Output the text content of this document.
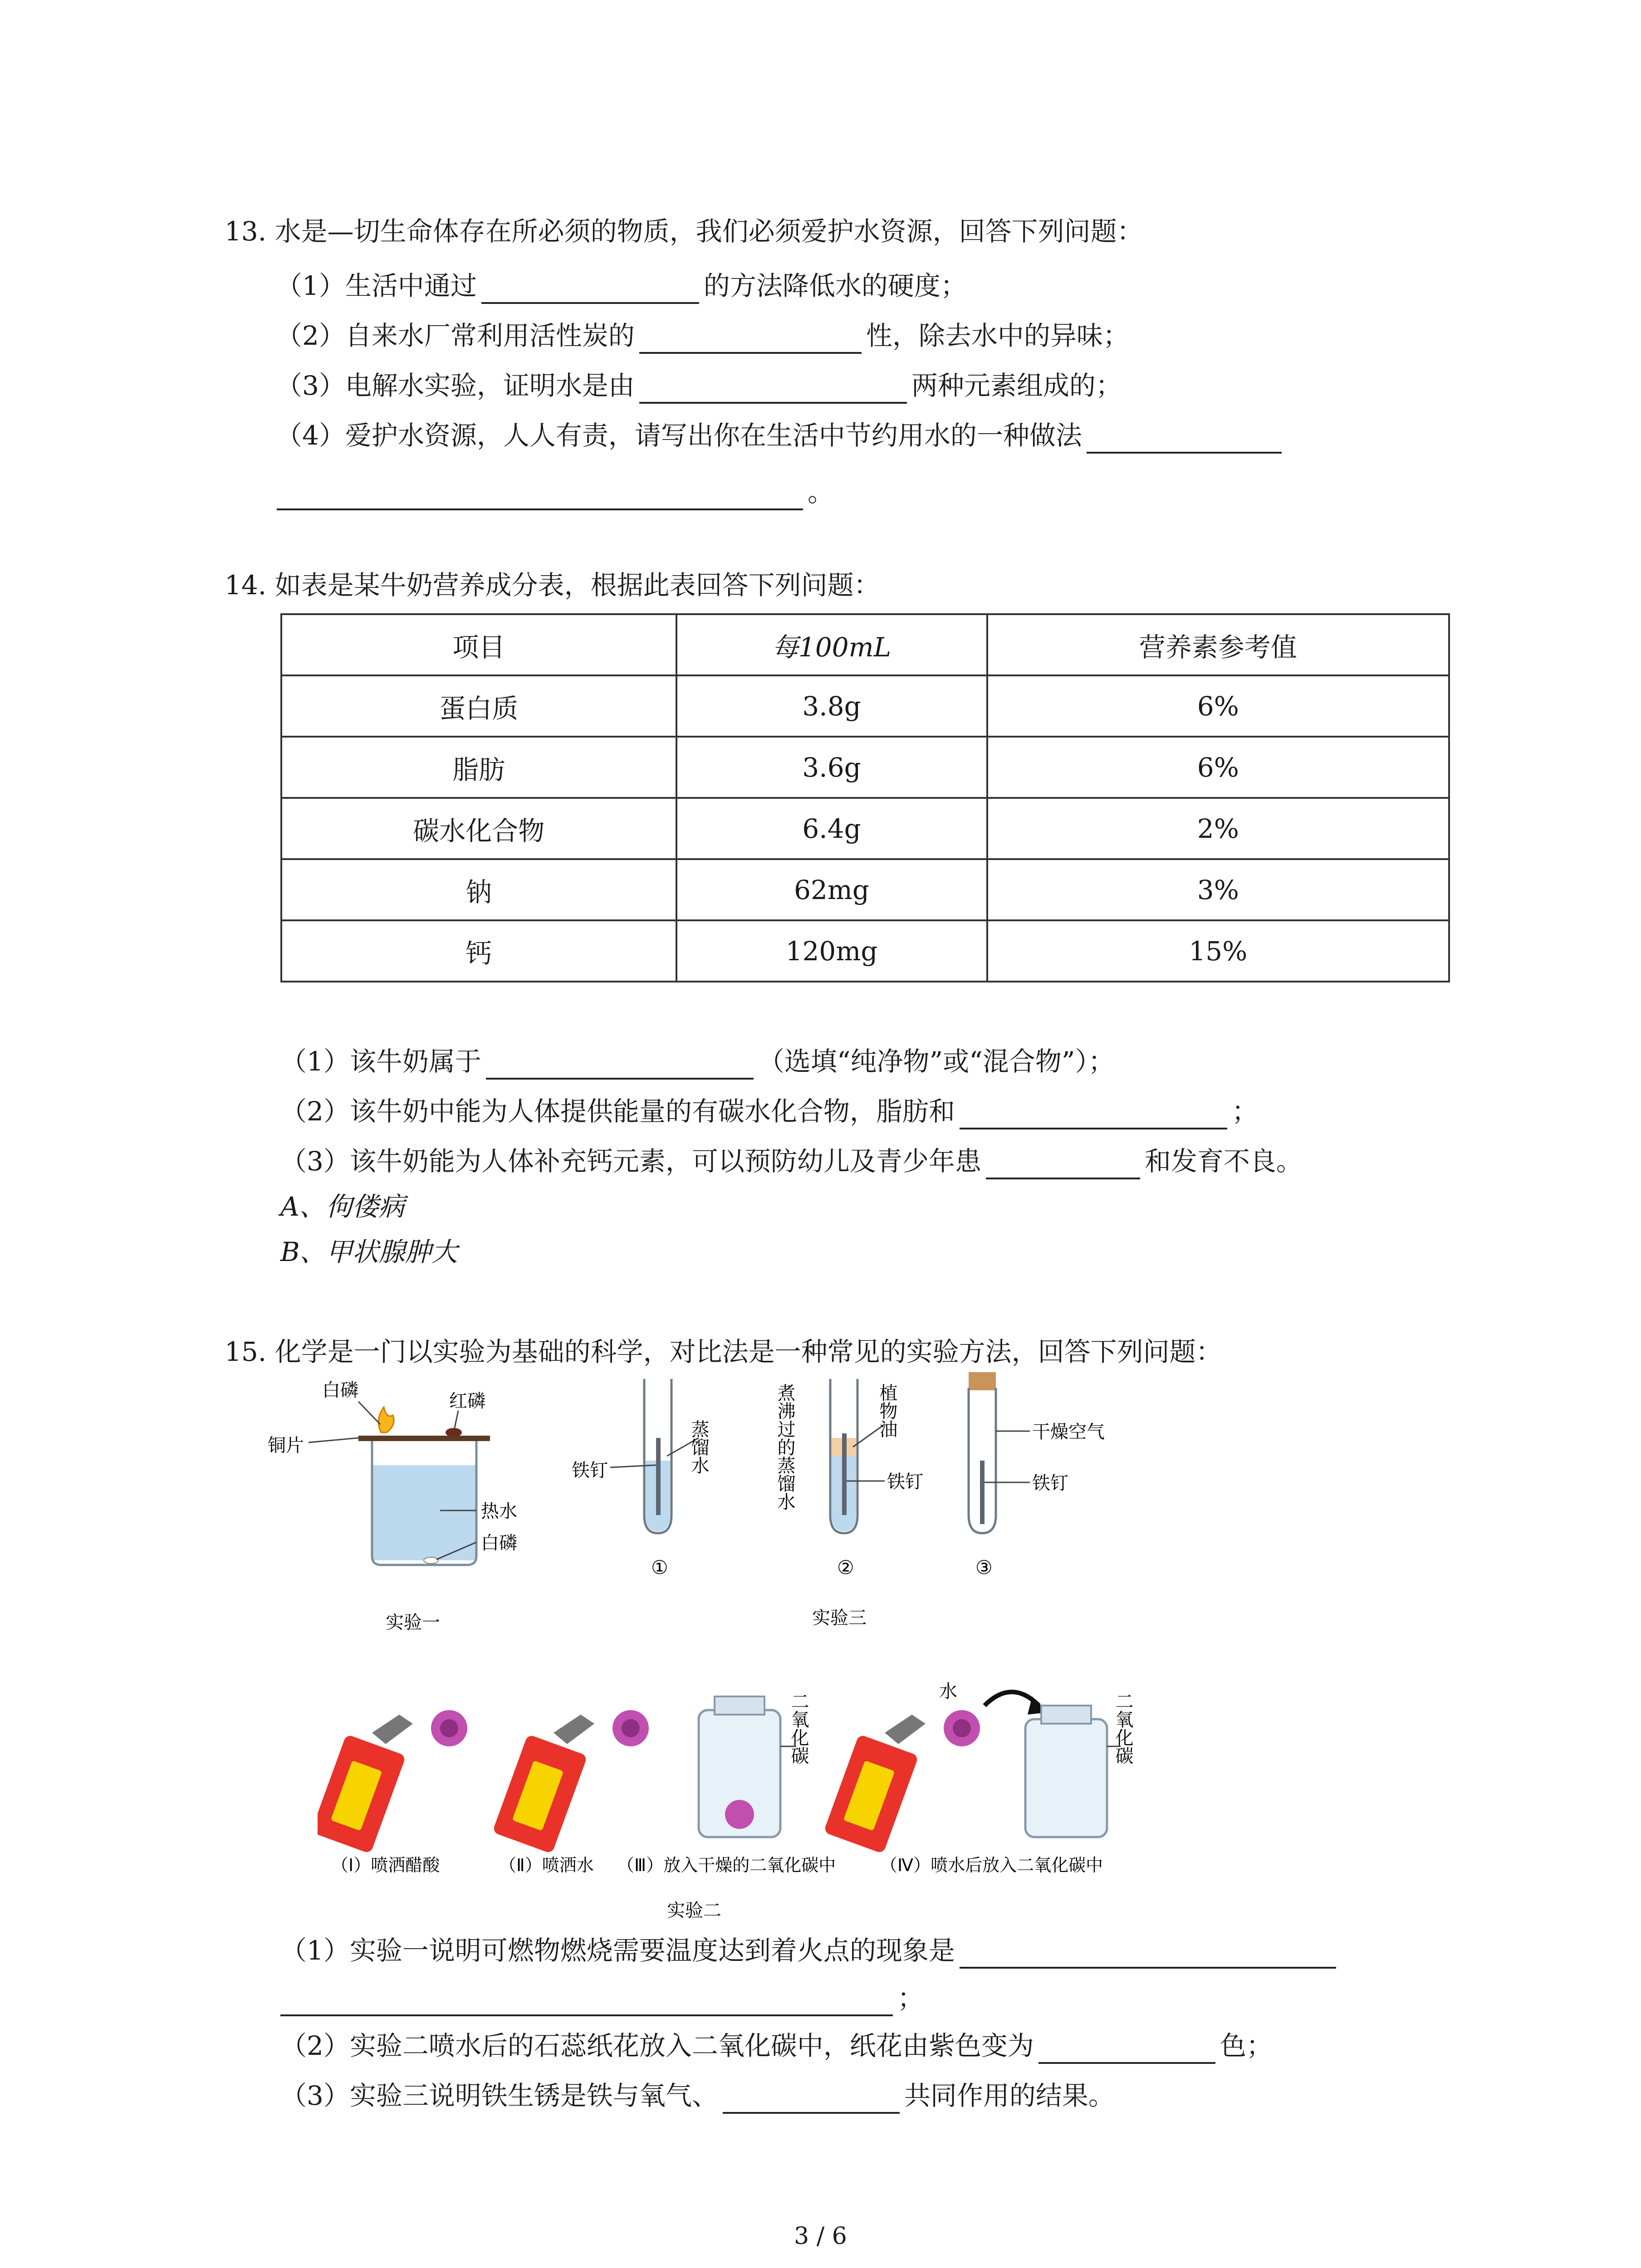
13. 水是—切生命体存在所必须的物质，我们必须爱护水资源，回答下列问题：
（1）生活中通过	的方法降低水的硬度；
（2）自来水厂常利用活性炭的	性，除去水中的异味；
（3）电解水实验，证明水是由	两种元素组成的；
（4）爱护水资源，人人有责，请写出你在生活中节约用水的一种做法
。
14. 如表是某牛奶营养成分表，根据此表回答下列问题：
项目	每100mL	营养素参考值
蛋白质	3.8g	6%
脂肪	3.6g	6%
碳水化合物	6.4g	2%
钠	62mg	3%
钙	120mg	15%
（1）该牛奶属于	（选填“纯净物”或“混合物”）；
（2）该牛奶中能为人体提供能量的有碳水化合物，脂肪和	；
（3）该牛奶能为人体补充钙元素，可以预防幼儿及青少年患	和发育不良。
A、佝偻病
B、甲状腺肿大
15. 化学是一门以实验为基础的科学，对比法是一种常见的实验方法，回答下列问题：
白磷
红磷
铜片
热水
白磷
实验一
铁钉	蒸馏水
①
煮沸过的蒸馏水	植物油
铁钉
②
实验三
干燥空气
铁钉
③
二氧化碳
水
二氧化碳
（Ⅰ）喷洒醋酸	（Ⅱ）喷洒水 （Ⅲ）放入干燥的二氧化碳中	（Ⅳ）喷水后放入二氧化碳中
实验二
（1）实验一说明可燃物燃烧需要温度达到着火点的现象是
；
（2）实验二喷水后的石蕊纸花放入二氧化碳中，纸花由紫色变为	色；
（3）实验三说明铁生锈是铁与氧气、	共同作用的结果。
3 / 6
